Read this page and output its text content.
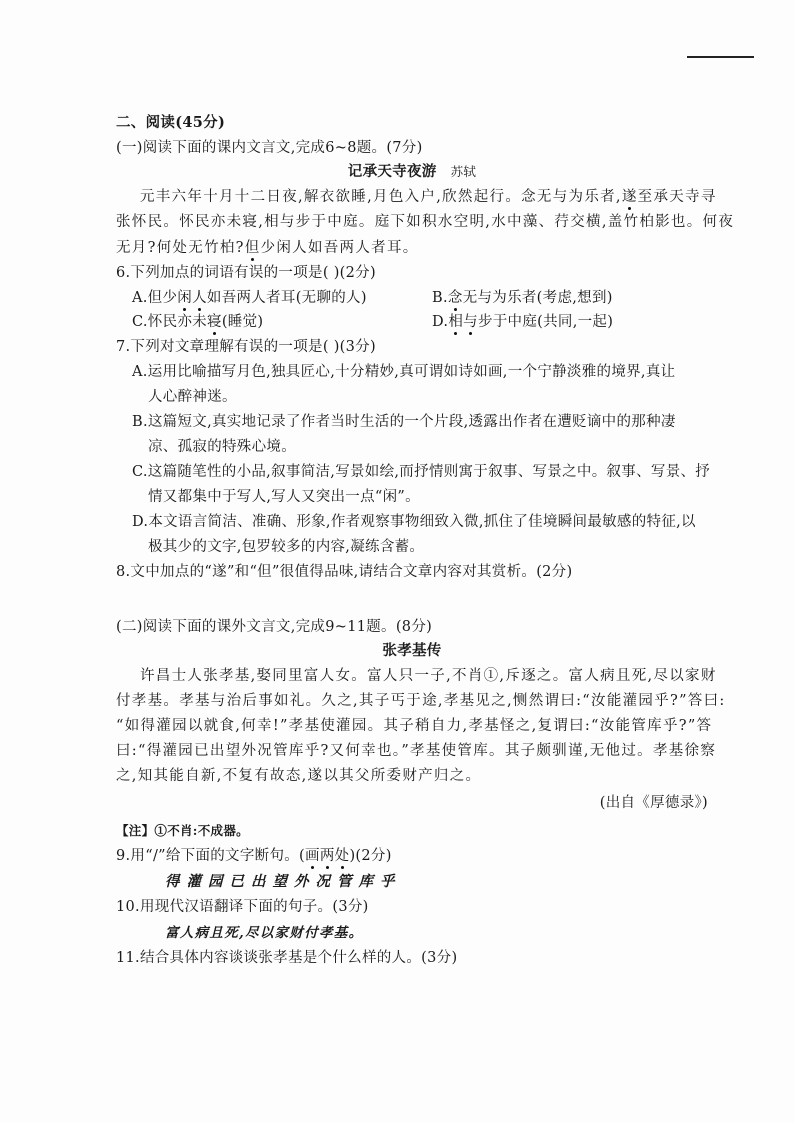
二、阅读(45分)
(一)阅读下面的课内文言文,完成6~8题。(7分)
记承天寺夜游 苏轼
元丰六年十月十二日夜,解衣欲睡,月色入户,欣然起行。念无与为乐者,遂至承天寺寻
张怀民。怀民亦未寝,相与步于中庭。庭下如积水空明,水中藻、荇交横,盖竹柏影也。何夜
无月?何处无竹柏?但少闲人如吾两人者耳。
6.下列加点的词语有误的一项是( )(2分)
A.但少闲人如吾两人者耳(无聊的人)	B.念无与为乐者(考虑,想到)
C.怀民亦未寝(睡觉)	D.相与步于中庭(共同,一起)
7.下列对文章理解有误的一项是( )(3分)
A.运用比喻描写月色,独具匠心,十分精妙,真可谓如诗如画,一个宁静淡雅的境界,真让
人心醉神迷。
B.这篇短文,真实地记录了作者当时生活的一个片段,透露出作者在遭贬谪中的那种凄
凉、孤寂的特殊心境。
C.这篇随笔性的小品,叙事简洁,写景如绘,而抒情则寓于叙事、写景之中。叙事、写景、抒
情又都集中于写人,写人又突出一点“闲”。
D.本文语言简洁、准确、形象,作者观察事物细致入微,抓住了佳境瞬间最敏感的特征,以
极其少的文字,包罗较多的内容,凝练含蓄。
8.文中加点的“遂”和“但”很值得品味,请结合文章内容对其赏析。(2分)
(二)阅读下面的课外文言文,完成9~11题。(8分)
张孝基传
许昌士人张孝基,娶同里富人女。富人只一子,不肖①,斥逐之。富人病且死,尽以家财
付孝基。孝基与治后事如礼。久之,其子丐于途,孝基见之,恻然谓曰:“汝能灌园乎?”答曰:
“如得灌园以就食,何幸!”孝基使灌园。其子稍自力,孝基怪之,复谓曰:“汝能管库乎?”答
曰:“得灌园已出望外况管库乎?又何幸也。”孝基使管库。其子颇驯谨,无他过。孝基徐察
之,知其能自新,不复有故态,遂以其父所委财产归之。
(出自《厚德录》)
【注】①不肖:不成器。
9.用“/”给下面的文字断句。(画两处)(2分)
得灌园已出望外况管库乎
10.用现代汉语翻译下面的句子。(3分)
富人病且死,尽以家财付孝基。
11.结合具体内容谈谈张孝基是个什么样的人。(3分)
